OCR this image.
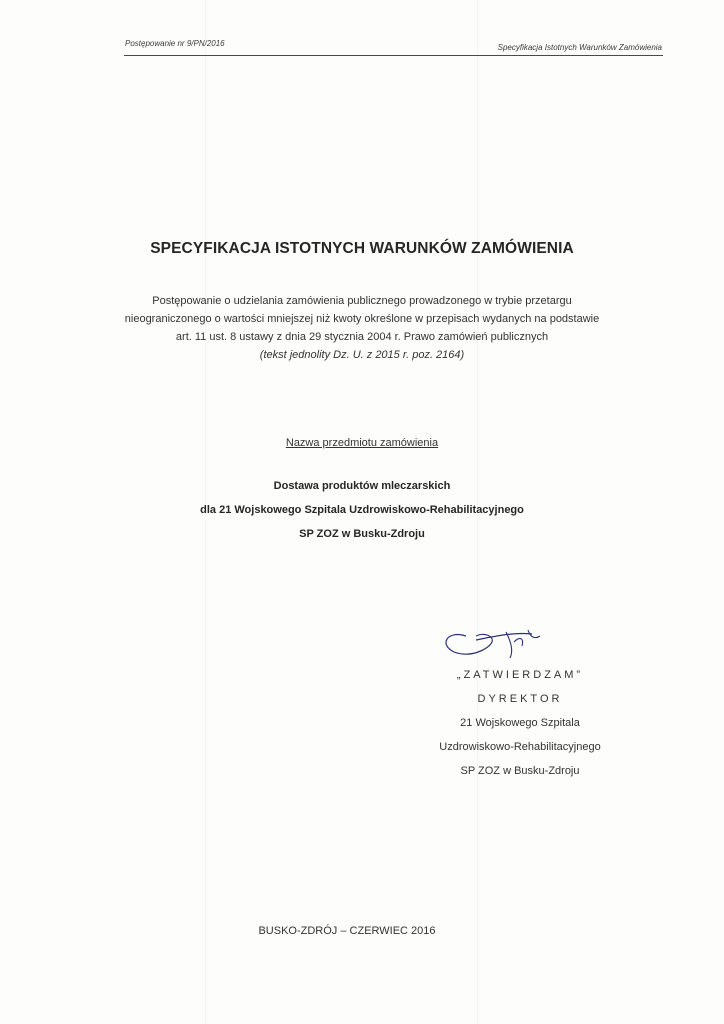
Postępowanie nr 9/PN/2016	Specyfikacja Istotnych Warunków Zamówienia
SPECYFIKACJA ISTOTNYCH WARUNKÓW ZAMÓWIENIA
Postępowanie o udzielania zamówienia publicznego prowadzonego w trybie przetargu
nieograniczonego o wartości mniejszej niż kwoty określone w przepisach wydanych na podstawie
art. 11 ust. 8 ustawy z dnia 29 stycznia 2004 r. Prawo zamówień publicznych
(tekst jednolity Dz. U. z 2015 r. poz. 2164)
Nazwa przedmiotu zamówienia
Dostawa produktów mleczarskich
dla 21 Wojskowego Szpitala Uzdrowiskowo-Rehabilitacyjnego
SP ZOZ w Busku-Zdroju
„ZATWIERDZAM”
DYREKTOR
21 Wojskowego Szpitala
Uzdrowiskowo-Rehabilitacyjnego
SP ZOZ w Busku-Zdroju
BUSKO-ZDRÓJ – CZERWIEC 2016
